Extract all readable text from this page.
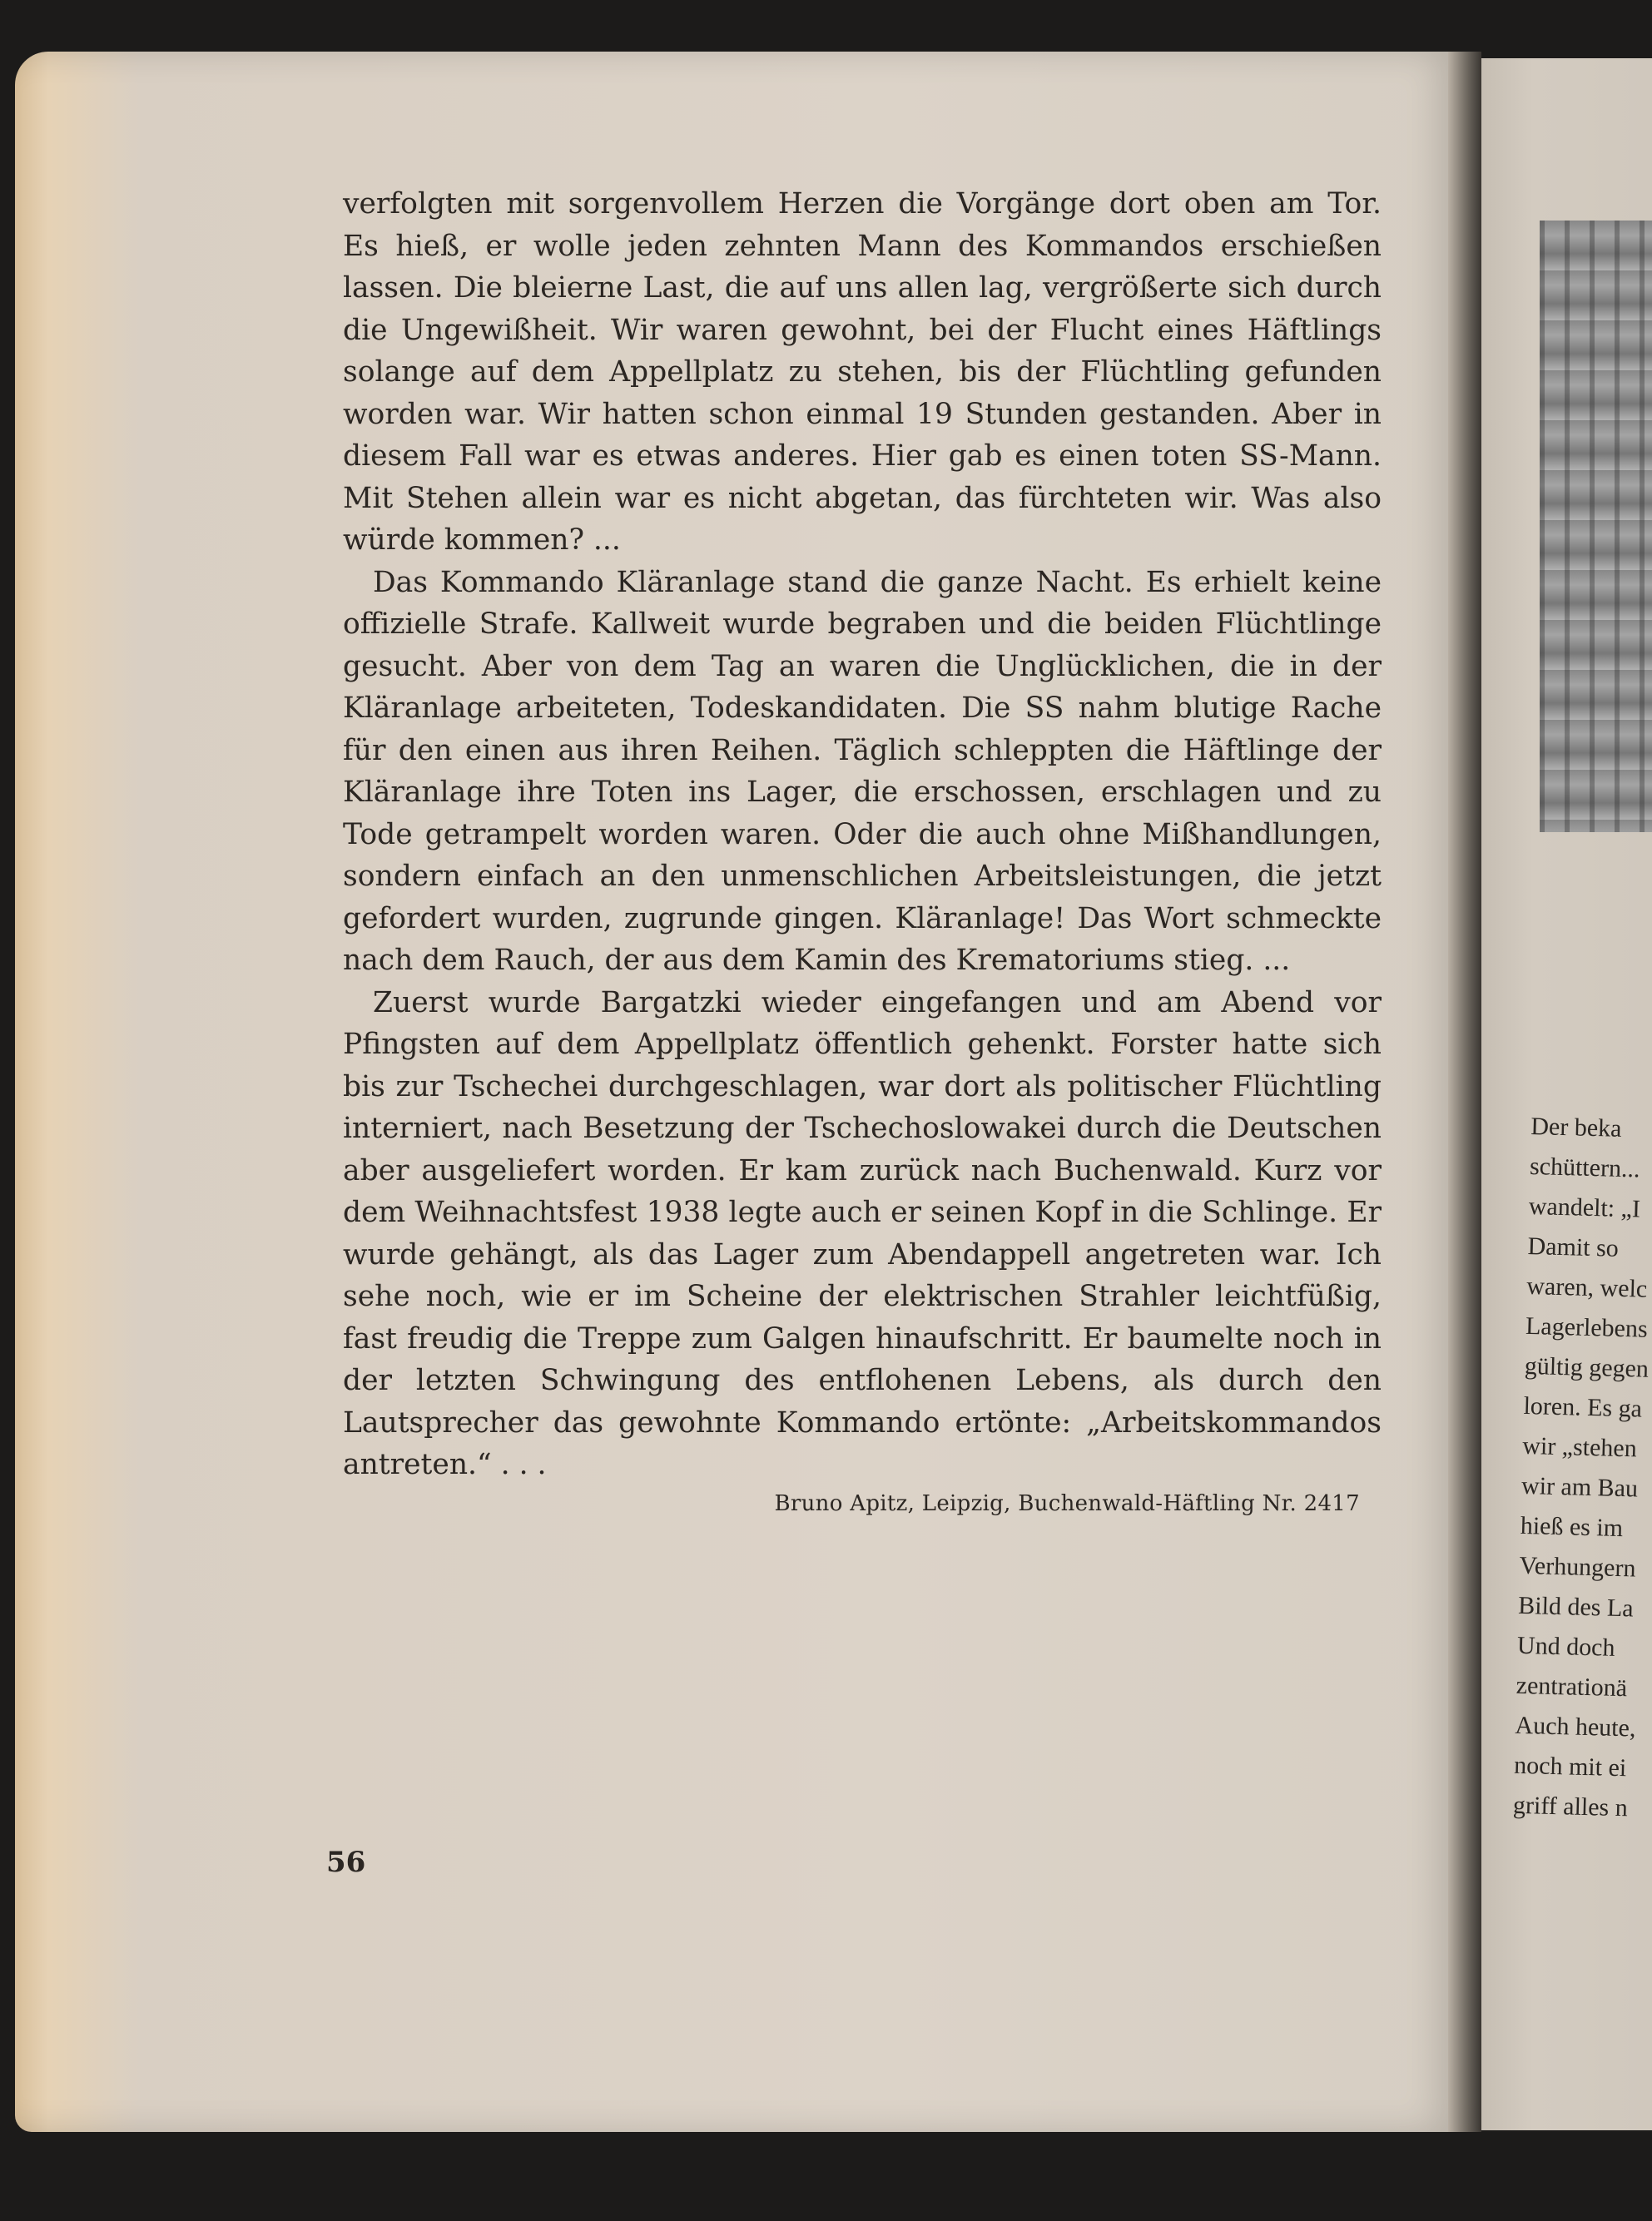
Der beka
schüttern...
wandelt: „I
Damit so
waren, welc
Lagerlebens
gültig gegen
loren. Es ga
wir „stehen
wir am Bau
hieß es im
Verhungern
Bild des La
Und doch
zentrationä
Auch heute,
noch mit ei
griff alles n

verfolgten mit sorgenvollem Herzen die Vorgänge dort oben am Tor. Es hieß, er wolle jeden zehnten Mann des Kommandos erschießen lassen. Die bleierne Last, die auf uns allen lag, vergrößerte sich durch die Ungewißheit. Wir waren gewohnt, bei der Flucht eines Häftlings solange auf dem Appellplatz zu stehen, bis der Flüchtling gefunden worden war. Wir hatten schon einmal 19 Stunden gestanden. Aber in diesem Fall war es etwas anderes. Hier gab es einen toten SS-Mann. Mit Stehen allein war es nicht abgetan, das fürchteten wir. Was also würde kommen? ...

Das Kommando Kläranlage stand die ganze Nacht. Es erhielt keine offizielle Strafe. Kallweit wurde begraben und die beiden Flüchtlinge gesucht. Aber von dem Tag an waren die Unglücklichen, die in der Kläranlage arbeiteten, Todeskandidaten. Die SS nahm blutige Rache für den einen aus ihren Reihen. Täglich schleppten die Häftlinge der Kläranlage ihre Toten ins Lager, die erschossen, erschlagen und zu Tode getrampelt worden waren. Oder die auch ohne Mißhandlungen, sondern einfach an den unmenschlichen Arbeitsleistungen, die jetzt gefordert wurden, zugrunde gingen. Kläranlage! Das Wort schmeckte nach dem Rauch, der aus dem Kamin des Krematoriums stieg. ...

Zuerst wurde Bargatzki wieder eingefangen und am Abend vor Pfingsten auf dem Appellplatz öffentlich gehenkt. Forster hatte sich bis zur Tschechei durchgeschlagen, war dort als politischer Flüchtling interniert, nach Besetzung der Tschechoslowakei durch die Deutschen aber ausgeliefert worden. Er kam zurück nach Buchenwald. Kurz vor dem Weihnachtsfest 1938 legte auch er seinen Kopf in die Schlinge. Er wurde gehängt, als das Lager zum Abendappell angetreten war. Ich sehe noch, wie er im Scheine der elektrischen Strahler leichtfüßig, fast freudig die Treppe zum Galgen hinaufschritt. Er baumelte noch in der letzten Schwingung des entflohenen Lebens, als durch den Lautsprecher das gewohnte Kommando ertönte: „Arbeitskommandos antreten.“ . . .

Bruno Apitz, Leipzig, Buchenwald-Häftling Nr. 2417
56
